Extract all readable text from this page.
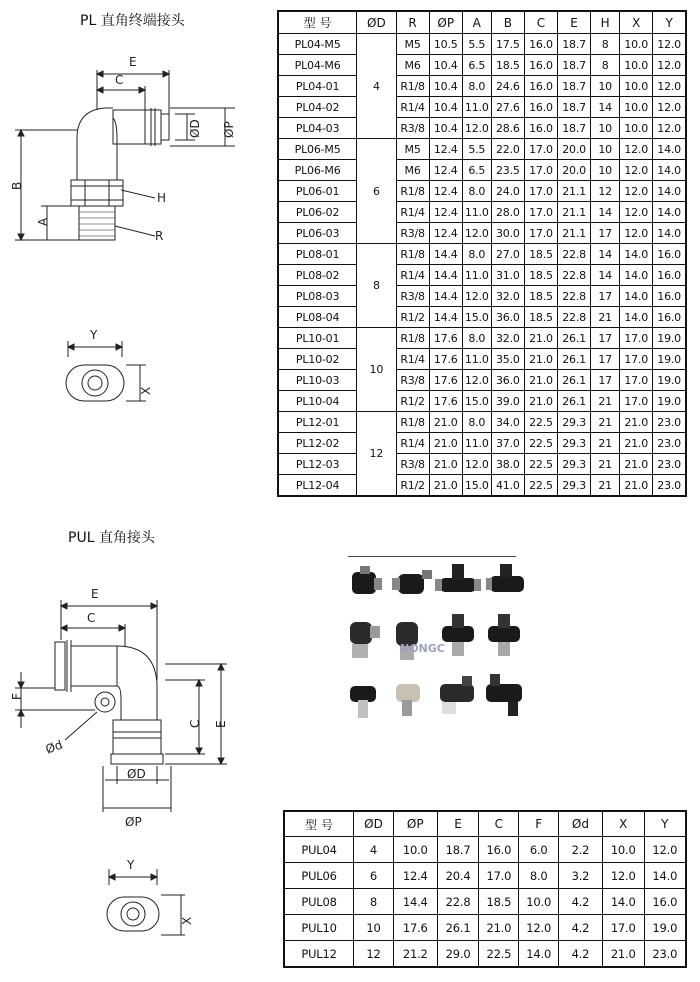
PL 直角终端接头
E
C
ØD ØP
B
A
H
R
Y
X
型 号	ØD	R	ØP	A	B	C	E	H	X	Y
PL04-M5	4	M5	10.5	5.5	17.5	16.0	18.7	8	10.0	12.0
PL04-M6		M6	10.4	6.5	18.5	16.0	18.7	8	10.0	12.0
PL04-01		R1/8	10.4	8.0	24.6	16.0	18.7	10	10.0	12.0
PL04-02		R1/4	10.4	11.0	27.6	16.0	18.7	14	10.0	12.0
PL04-03		R3/8	10.4	12.0	28.6	16.0	18.7	10	10.0	12.0
PL06-M5	6	M5	12.4	5.5	22.0	17.0	20.0	10	12.0	14.0
PL06-M6		M6	12.4	6.5	23.5	17.0	20.0	10	12.0	14.0
PL06-01		R1/8	12.4	8.0	24.0	17.0	21.1	12	12.0	14.0
PL06-02		R1/4	12.4	11.0	28.0	17.0	21.1	14	12.0	14.0
PL06-03		R3/8	12.4	12.0	30.0	17.0	21.1	17	12.0	14.0
PL08-01	8	R1/8	14.4	8.0	27.0	18.5	22.8	14	14.0	16.0
PL08-02		R1/4	14.4	11.0	31.0	18.5	22.8	14	14.0	16.0
PL08-03		R3/8	14.4	12.0	32.0	18.5	22.8	17	14.0	16.0
PL08-04		R1/2	14.4	15.0	36.0	18.5	22.8	21	14.0	16.0
PL10-01	10	R1/8	17.6	8.0	32.0	21.0	26.1	17	17.0	19.0
PL10-02		R1/4	17.6	11.0	35.0	21.0	26.1	17	17.0	19.0
PL10-03		R3/8	17.6	12.0	36.0	21.0	26.1	17	17.0	19.0
PL10-04		R1/2	17.6	15.0	39.0	21.0	26.1	21	17.0	19.0
PL12-01	12	R1/8	21.0	8.0	34.0	22.5	29.3	21	21.0	23.0
PL12-02		R1/4	21.0	11.0	37.0	22.5	29.3	21	21.0	23.0
PL12-03		R3/8	21.0	12.0	38.0	22.5	29.3	21	21.0	23.0
PL12-04		R1/2	21.0	15.0	41.0	22.5	29.3	21	21.0	23.0
PUL 直角接头
E
C
F
Ød
C E
ØD
ØP
Y
X
NONGC
型 号	ØD	ØP	E	C	F	Ød	X	Y
PUL04	4	10.0	18.7	16.0	6.0	2.2	10.0	12.0
PUL06	6	12.4	20.4	17.0	8.0	3.2	12.0	14.0
PUL08	8	14.4	22.8	18.5	10.0	4.2	14.0	16.0
PUL10	10	17.6	26.1	21.0	12.0	4.2	17.0	19.0
PUL12	12	21.2	29.0	22.5	14.0	4.2	21.0	23.0
